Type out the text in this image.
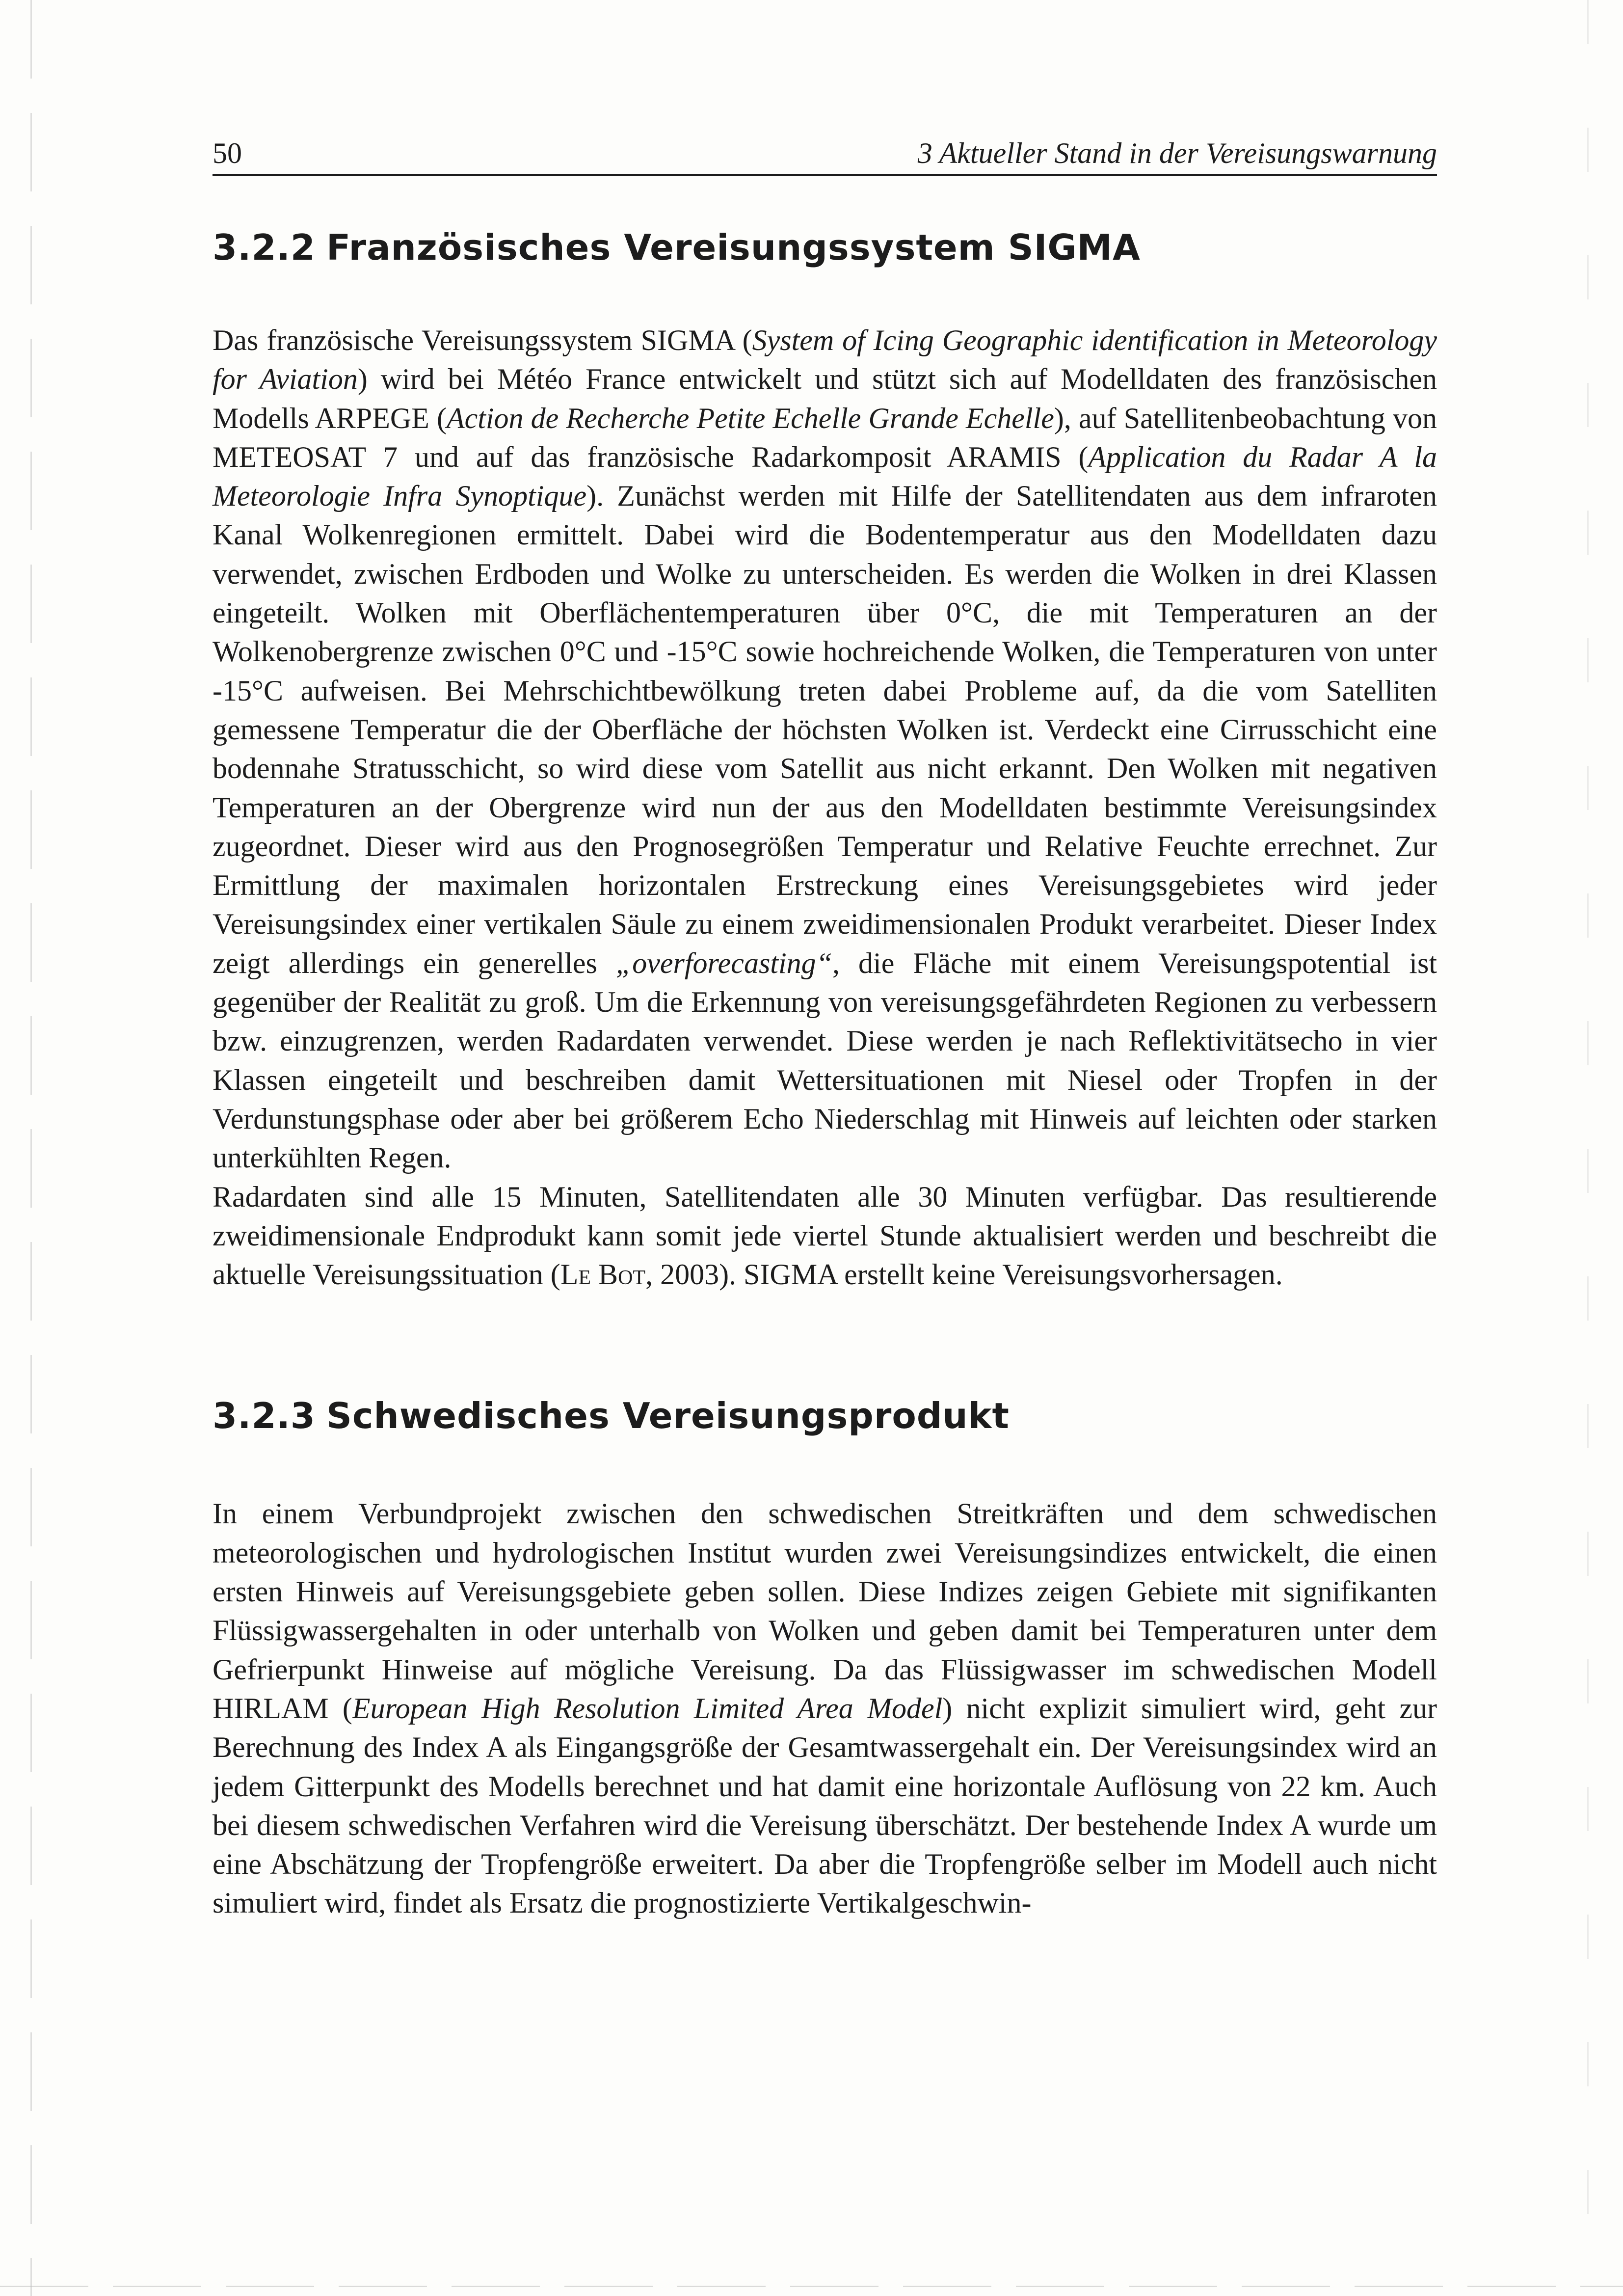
50	3 Aktueller Stand in der Vereisungswarnung
3.2.2 Französisches Vereisungssystem SIGMA

Das französische Vereisungssystem SIGMA (System of Icing Geographic identification in Meteorology for Aviation) wird bei Météo France entwickelt und stützt sich auf Modelldaten des französischen Modells ARPEGE (Action de Recherche Petite Echelle Grande Echelle), auf Satellitenbeobachtung von METEOSAT 7 und auf das französische Radarkomposit ARAMIS (Application du Radar A la Meteorologie Infra Synoptique). Zunächst werden mit Hilfe der Satellitendaten aus dem infraroten Kanal Wolkenregionen ermittelt. Dabei wird die Bodentemperatur aus den Modelldaten dazu verwendet, zwischen Erdboden und Wolke zu unterscheiden. Es werden die Wolken in drei Klassen eingeteilt. Wolken mit Oberflächentemperaturen über 0°C, die mit Temperaturen an der Wolkenobergrenze zwischen 0°C und -15°C sowie hochreichende Wolken, die Temperaturen von unter -15°C aufweisen. Bei Mehrschichtbewölkung treten dabei Probleme auf, da die vom Satelliten gemessene Temperatur die der Oberfläche der höchsten Wolken ist. Verdeckt eine Cirrusschicht eine bodennahe Stratusschicht, so wird diese vom Satellit aus nicht erkannt. Den Wolken mit negativen Temperaturen an der Obergrenze wird nun der aus den Modelldaten bestimmte Vereisungsindex zugeordnet. Dieser wird aus den Prognosegrößen Temperatur und Relative Feuchte errechnet. Zur Ermittlung der maximalen horizontalen Erstreckung eines Vereisungsgebietes wird jeder Vereisungsindex einer vertikalen Säule zu einem zweidimensionalen Produkt verarbeitet. Dieser Index zeigt allerdings ein generelles „overforecasting“, die Fläche mit einem Vereisungspotential ist gegenüber der Realität zu groß. Um die Erkennung von vereisungsgefährdeten Regionen zu verbessern bzw. einzugrenzen, werden Radardaten verwendet. Diese werden je nach Reflektivitätsecho in vier Klassen eingeteilt und beschreiben damit Wettersituationen mit Niesel oder Tropfen in der Verdunstungsphase oder aber bei größerem Echo Niederschlag mit Hinweis auf leichten oder starken unterkühlten Regen.

Radardaten sind alle 15 Minuten, Satellitendaten alle 30 Minuten verfügbar. Das resultierende zweidimensionale Endprodukt kann somit jede viertel Stunde aktualisiert werden und beschreibt die aktuelle Vereisungssituation (Le Bot, 2003). SIGMA erstellt keine Vereisungsvorhersagen.

3.2.3 Schwedisches Vereisungsprodukt

In einem Verbundprojekt zwischen den schwedischen Streitkräften und dem schwedischen meteorologischen und hydrologischen Institut wurden zwei Vereisungsindizes entwickelt, die einen ersten Hinweis auf Vereisungsgebiete geben sollen. Diese Indizes zeigen Gebiete mit signifikanten Flüssigwassergehalten in oder unterhalb von Wolken und geben damit bei Temperaturen unter dem Gefrierpunkt Hinweise auf mögliche Vereisung. Da das Flüssigwasser im schwedischen Modell HIRLAM (European High Resolution Limited Area Model) nicht explizit simuliert wird, geht zur Berechnung des Index A als Eingangsgröße der Gesamtwassergehalt ein. Der Vereisungsindex wird an jedem Gitterpunkt des Modells berechnet und hat damit eine horizontale Auflösung von 22 km. Auch bei diesem schwedischen Verfahren wird die Vereisung überschätzt. Der bestehende Index A wurde um eine Abschätzung der Tropfengröße erweitert. Da aber die Tropfengröße selber im Modell auch nicht simuliert wird, findet als Ersatz die prognostizierte Vertikalgeschwin-
